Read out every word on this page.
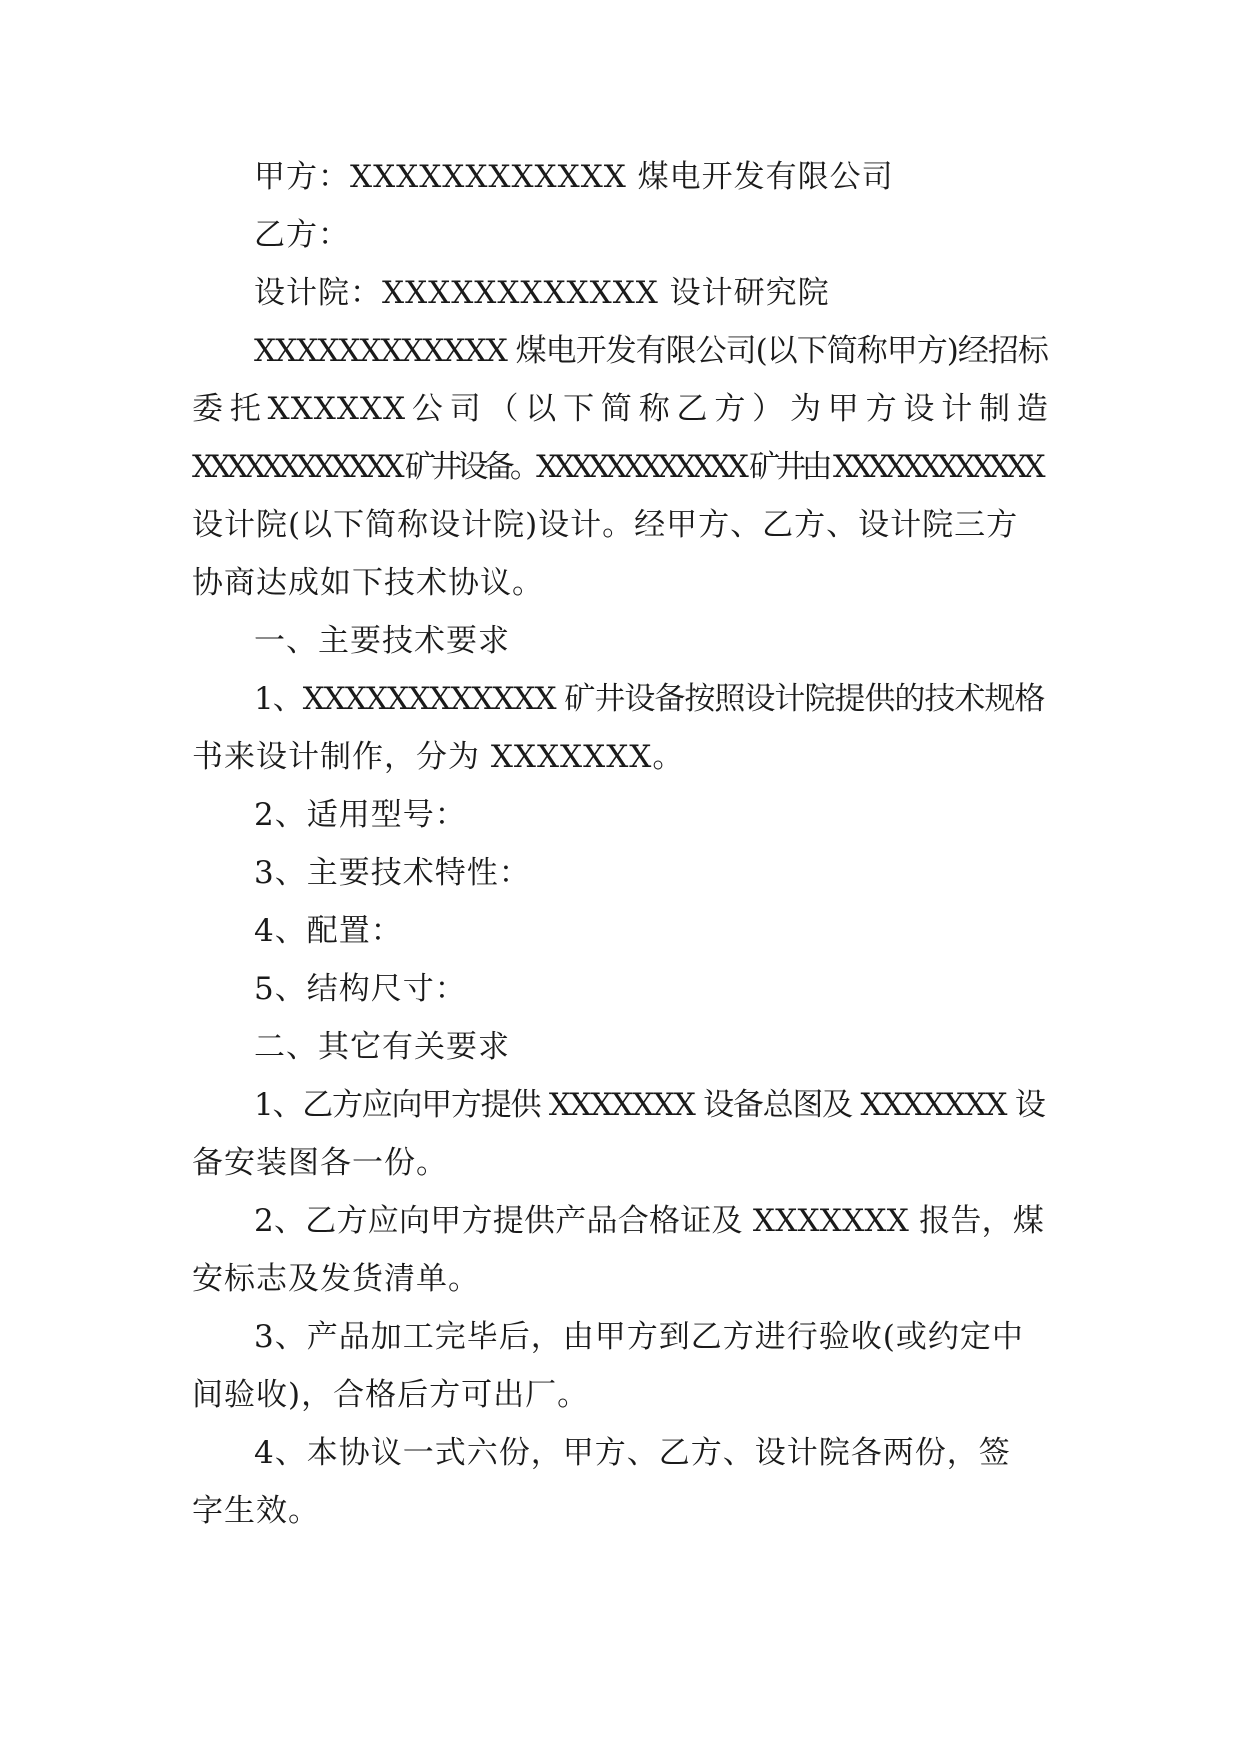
甲方：XXXXXXXXXXXX 煤电开发有限公司
乙方：
设计院：XXXXXXXXXXXX 设计研究院
XXXXXXXXXXXX 煤电开发有限公司(以下简称甲方)经招标
委 托 XXXXXX 公 司 （ 以 下 简 称 乙 方 ） 为 甲 方 设 计 制 造
XXXXXXXXXXXX 矿井设备。XXXXXXXXXXXX 矿井由 XXXXXXXXXXXX
设计院(以下简称设计院)设计。经甲方、乙方、设计院三方
协商达成如下技术协议。
一、主要技术要求
1、XXXXXXXXXXXX 矿井设备按照设计院提供的技术规格
书来设计制作，分为 XXXXXXX。
2、适用型号：
3、主要技术特性：
4、配置：
5、结构尺寸：
二、其它有关要求
1、乙方应向甲方提供 XXXXXXX 设备总图及 XXXXXXX 设
备安装图各一份。
2、乙方应向甲方提供产品合格证及 XXXXXXX 报告，煤
安标志及发货清单。
3、产品加工完毕后，由甲方到乙方进行验收(或约定中
间验收)，合格后方可出厂。
4、本协议一式六份，甲方、乙方、设计院各两份，签
字生效。
